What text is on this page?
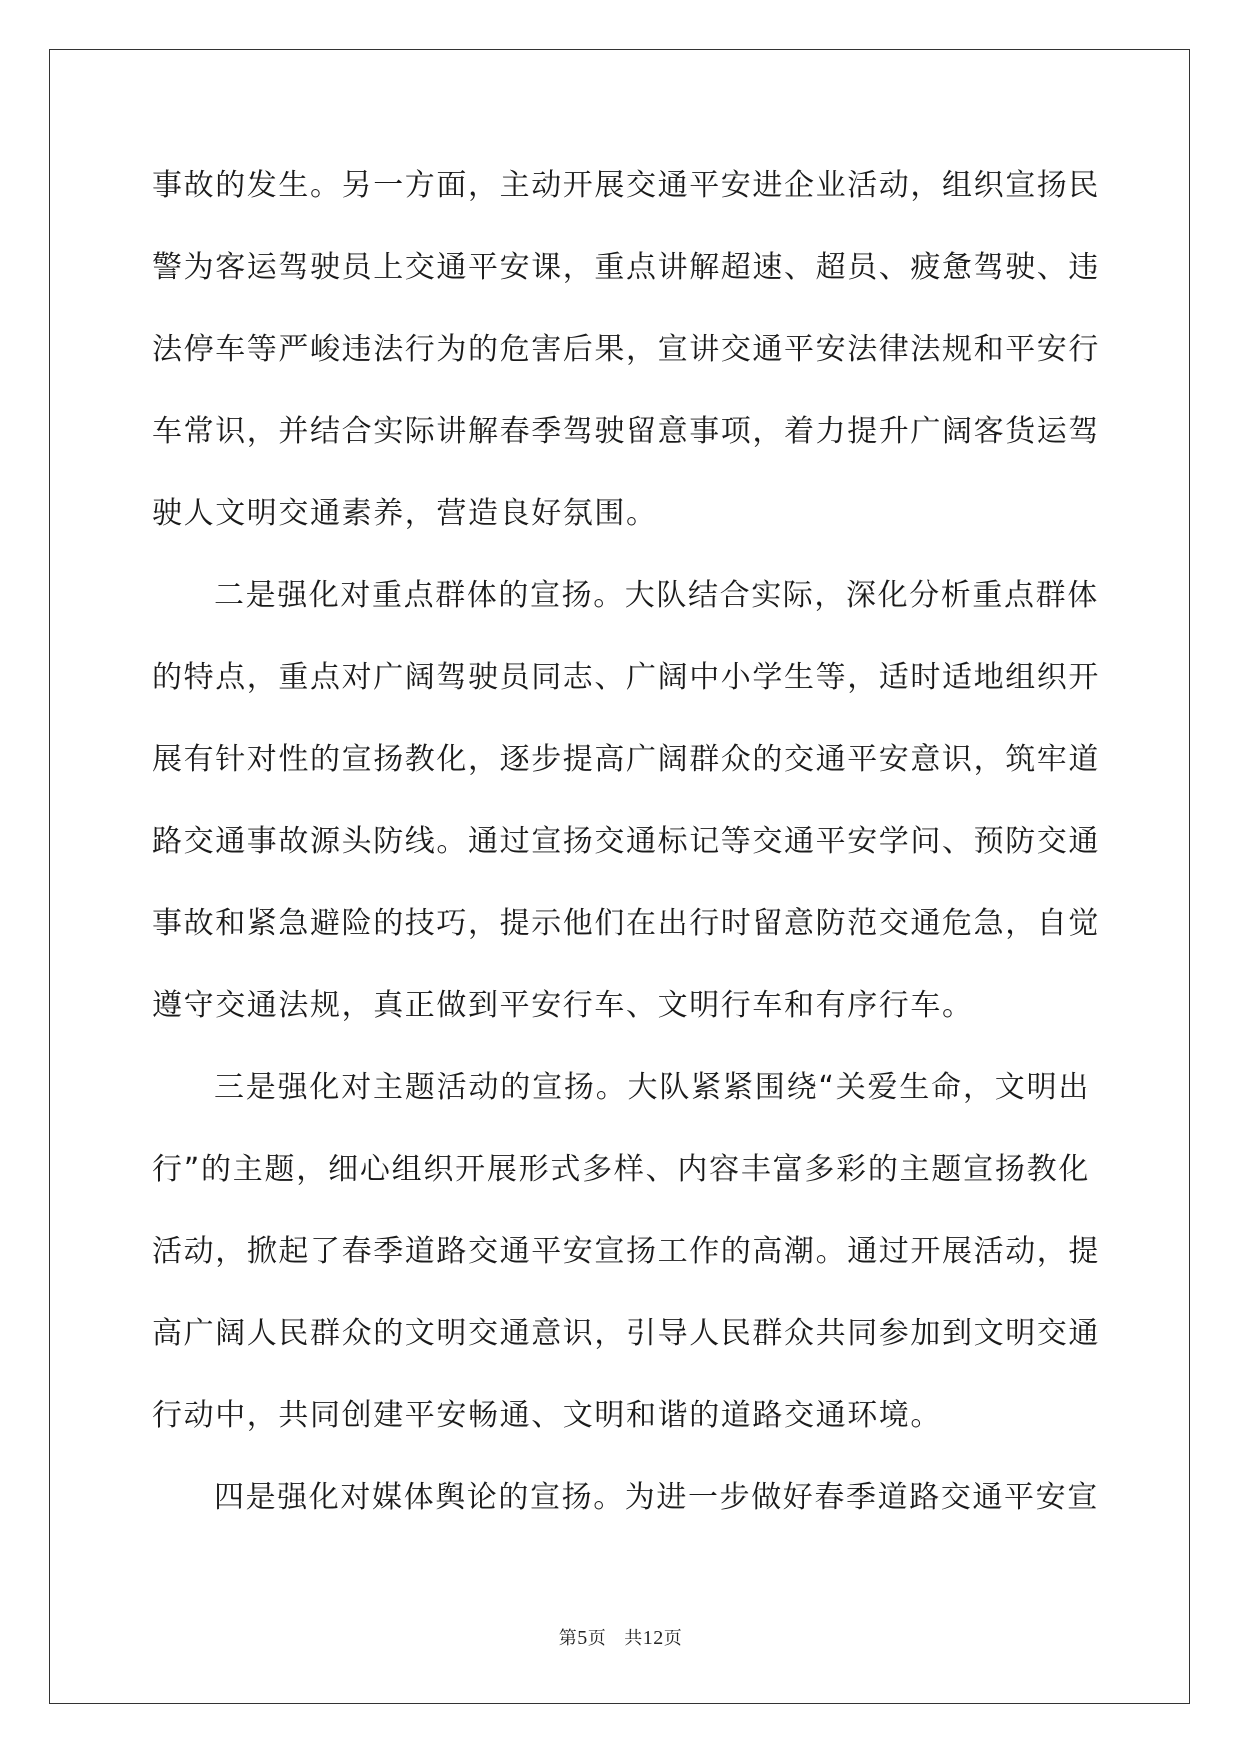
事故的发生。另一方面，主动开展交通平安进企业活动，组织宣扬民
警为客运驾驶员上交通平安课，重点讲解超速、超员、疲惫驾驶、违
法停车等严峻违法行为的危害后果，宣讲交通平安法律法规和平安行
车常识，并结合实际讲解春季驾驶留意事项，着力提升广阔客货运驾
驶人文明交通素养，营造良好氛围。
二是强化对重点群体的宣扬。大队结合实际，深化分析重点群体
的特点，重点对广阔驾驶员同志、广阔中小学生等，适时适地组织开
展有针对性的宣扬教化，逐步提高广阔群众的交通平安意识，筑牢道
路交通事故源头防线。通过宣扬交通标记等交通平安学问、预防交通
事故和紧急避险的技巧，提示他们在出行时留意防范交通危急，自觉
遵守交通法规，真正做到平安行车、文明行车和有序行车。
三是强化对主题活动的宣扬。大队紧紧围绕“关爱生命，文明出
行”的主题，细心组织开展形式多样、内容丰富多彩的主题宣扬教化
活动，掀起了春季道路交通平安宣扬工作的高潮。通过开展活动，提
高广阔人民群众的文明交通意识，引导人民群众共同参加到文明交通
行动中，共同创建平安畅通、文明和谐的道路交通环境。
四是强化对媒体舆论的宣扬。为进一步做好春季道路交通平安宣
第5页 共12页
